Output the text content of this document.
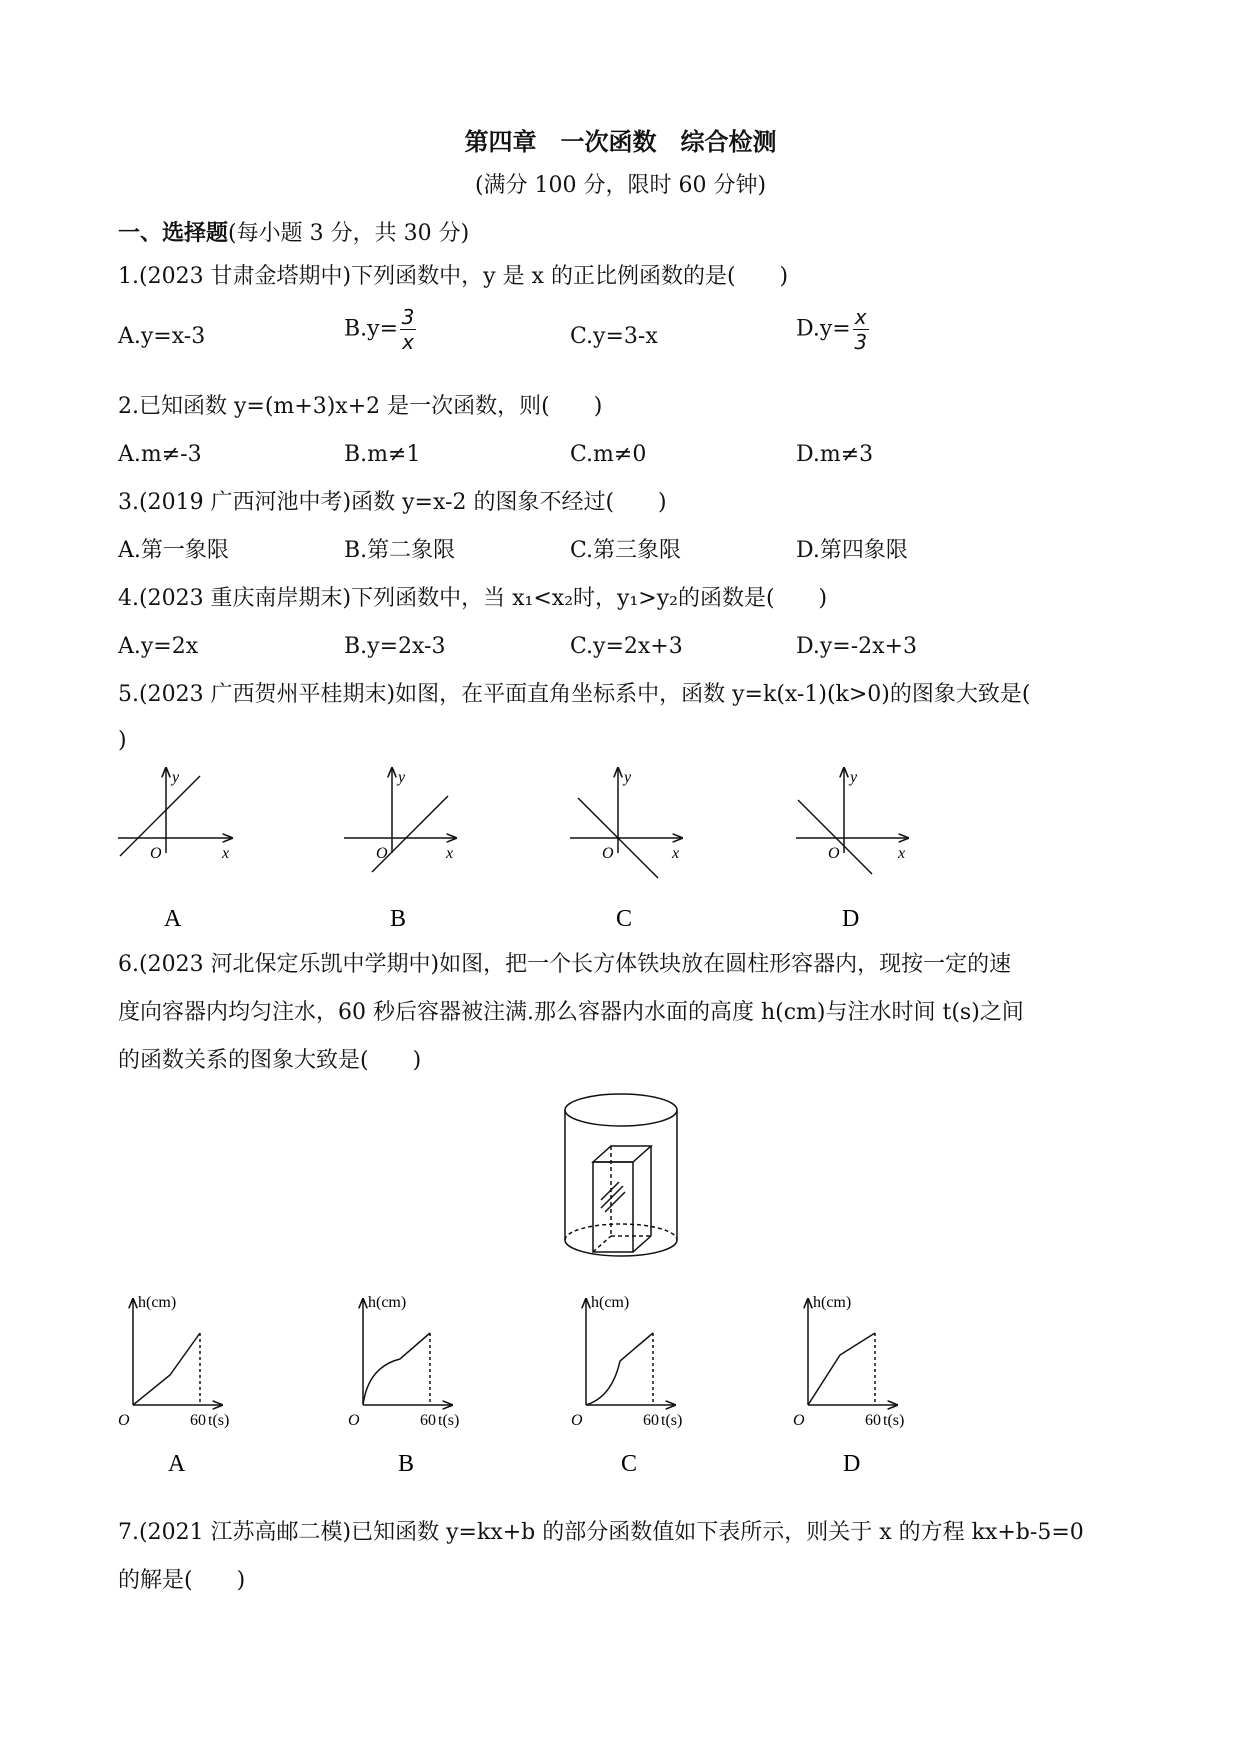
第四章　一次函数　综合检测
(满分 100 分，限时 60 分钟)
一、选择题(每小题 3 分，共 30 分)
1.(2023 甘肃金塔期中)下列函数中，y 是 x 的正比例函数的是(　　)
A.y=x-3	$B.y= \frac{3}{x}$	C.y=3-x	$D.y= \frac{x}{3}$
2.已知函数 y=(m+3)x+2 是一次函数，则(　　)
A.m≠-3	B.m≠1	C.m≠0	D.m≠3
3.(2019 广西河池中考)函数 y=x-2 的图象不经过(　　)
A.第一象限	B.第二象限	C.第三象限	D.第四象限
4.(2023 重庆南岸期末)下列函数中，当 x₁<x₂时，y₁>y₂的函数是(　　)
A.y=2x	B.y=2x-3	C.y=2x+3	D.y=-2x+3
5.(2023 广西贺州平桂期末)如图，在平面直角坐标系中，函数 y=k(x-1)(k>0)的图象大致是(
)
y
x
O
y
x
O
y
x
O
y
x
O
A	B	C	D
6.(2023 河北保定乐凯中学期中)如图，把一个长方体铁块放在圆柱形容器内，现按一定的速
度向容器内均匀注水，60 秒后容器被注满.那么容器内水面的高度 h(cm)与注水时间 t(s)之间
的函数关系的图象大致是(　　)
h(cm)
60 t(s)
O
h(cm)
60 t(s)
O
h(cm)
60 t(s)
O
h(cm)
60 t(s)
O
A	B	C	D
7.(2021 江苏高邮二模)已知函数 y=kx+b 的部分函数值如下表所示，则关于 x 的方程 kx+b-5=0
的解是(　　)
